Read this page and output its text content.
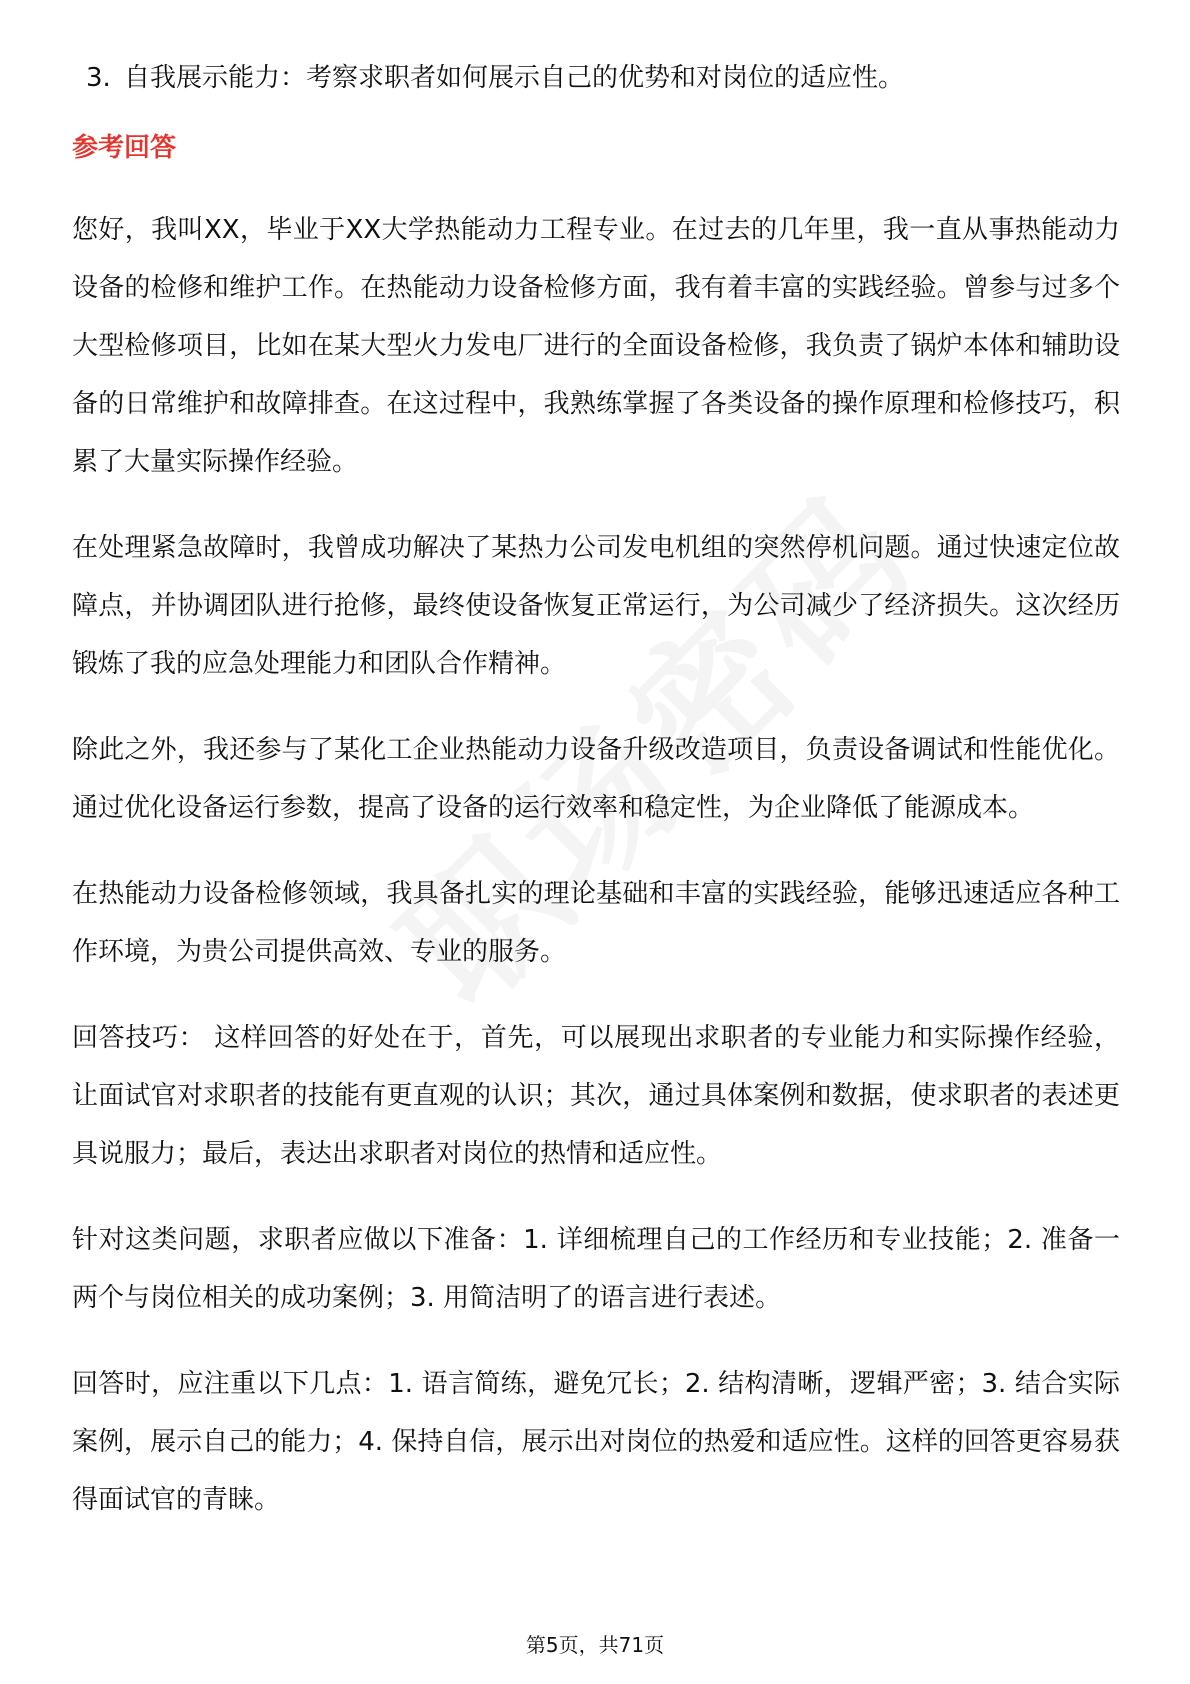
3. 自我展示能力：考察求职者如何展示自己的优势和对岗位的适应性。
参考回答

您好，我叫XX，毕业于XX大学热能动力工程专业。在过去的几年里，我一直从事热能动力设备的检修和维护工作。在热能动力设备检修方面，我有着丰富的实践经验。曾参与过多个大型检修项目，比如在某大型火力发电厂进行的全面设备检修，我负责了锅炉本体和辅助设备的日常维护和故障排查。在这过程中，我熟练掌握了各类设备的操作原理和检修技巧，积累了大量实际操作经验。

在处理紧急故障时，我曾成功解决了某热力公司发电机组的突然停机问题。通过快速定位故障点，并协调团队进行抢修，最终使设备恢复正常运行，为公司减少了经济损失。这次经历锻炼了我的应急处理能力和团队合作精神。

除此之外，我还参与了某化工企业热能动力设备升级改造项目，负责设备调试和性能优化。通过优化设备运行参数，提高了设备的运行效率和稳定性，为企业降低了能源成本。

在热能动力设备检修领域，我具备扎实的理论基础和丰富的实践经验，能够迅速适应各种工作环境，为贵公司提供高效、专业的服务。

回答技巧： 这样回答的好处在于，首先，可以展现出求职者的专业能力和实际操作经验，让面试官对求职者的技能有更直观的认识；其次，通过具体案例和数据，使求职者的表述更具说服力；最后，表达出求职者对岗位的热情和适应性。

针对这类问题，求职者应做以下准备：1. 详细梳理自己的工作经历和专业技能；2. 准备一两个与岗位相关的成功案例；3. 用简洁明了的语言进行表述。

回答时，应注重以下几点：1. 语言简练，避免冗长；2. 结构清晰，逻辑严密；3. 结合实际案例，展示自己的能力；4. 保持自信，展示出对岗位的热爱和适应性。这样的回答更容易获得面试官的青睐。

第5页，共71页
